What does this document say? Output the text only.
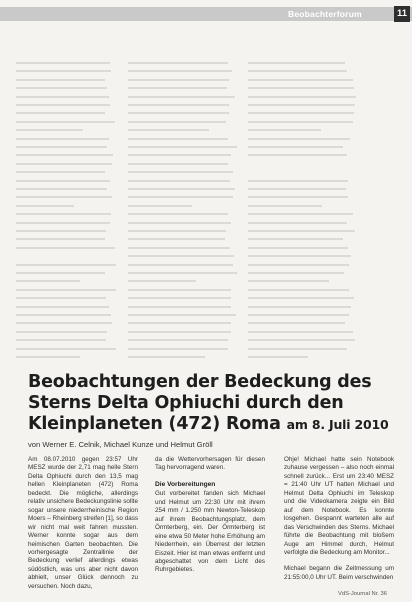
Beobachterforum	11
Beobachtungen der Bedeckung des Sterns Delta Ophiuchi durch den Kleinplaneten (472) Roma am 8. Juli 2010
von Werner E. Celnik, Michael Kunze und Helmut Gröll

Am 08.07.2010 gegen 23:57 Uhr MESZ wurde der 2,71 mag helle Stern Delta Ophiuchi durch den 13,5 mag hellen Kleinplaneten (472) Roma bedeckt. Die mögliche, allerdings relativ unsichere Bedeckungslinie sollte sogar unsere niederrheinische Region Moers – Rheinberg streifen [1], so dass wir nicht mal weit fahren mussten. Werner konnte sogar aus dem heimischen Garten beobachten. Die vorhergesagte Zentrallinie der Bedeckung verlief allerdings etwas südöstlich, was uns aber nicht davon abhielt, unser Glück dennoch zu versuchen. Noch dazu,

da die Wettervorhersagen für diesen Tag hervorragend waren.

Die Vorbereitungen

Gut vorbereitet fanden sich Michael und Helmut um 22:30 Uhr mit ihrem 254 mm / 1.250 mm Newton-Teleskop auf ihrem Beobachtungsplatz, dem Örmterberg, ein. Der Örmterberg ist eine etwa 50 Meter hohe Erhöhung am Niederrhein, ein Überrest der letzten Eiszeit. Hier ist man etwas entfernt und abgeschattet von dem Licht des Ruhrgebietes.

Ohje! Michael hatte sein Notebook zuhause vergessen – also noch einmal schnell zurück... Erst um 23:40 MESZ = 21:40 Uhr UT hatten Michael und Helmut Delta Ophiuchi im Teleskop und die Videokamera zeigte ein Bild auf dem Notebook. Es konnte losgehen. Gespannt warteten alle auf das Verschwinden des Sterns. Michael führte die Beobachtung mit bloßem Auge am Himmel durch, Helmut verfolgte die Bedeckung am Monitor...

Michael begann die Zeitmessung um 21:55:00,0 Uhr UT. Beim verschwinden

VdS-Journal Nr. 36
